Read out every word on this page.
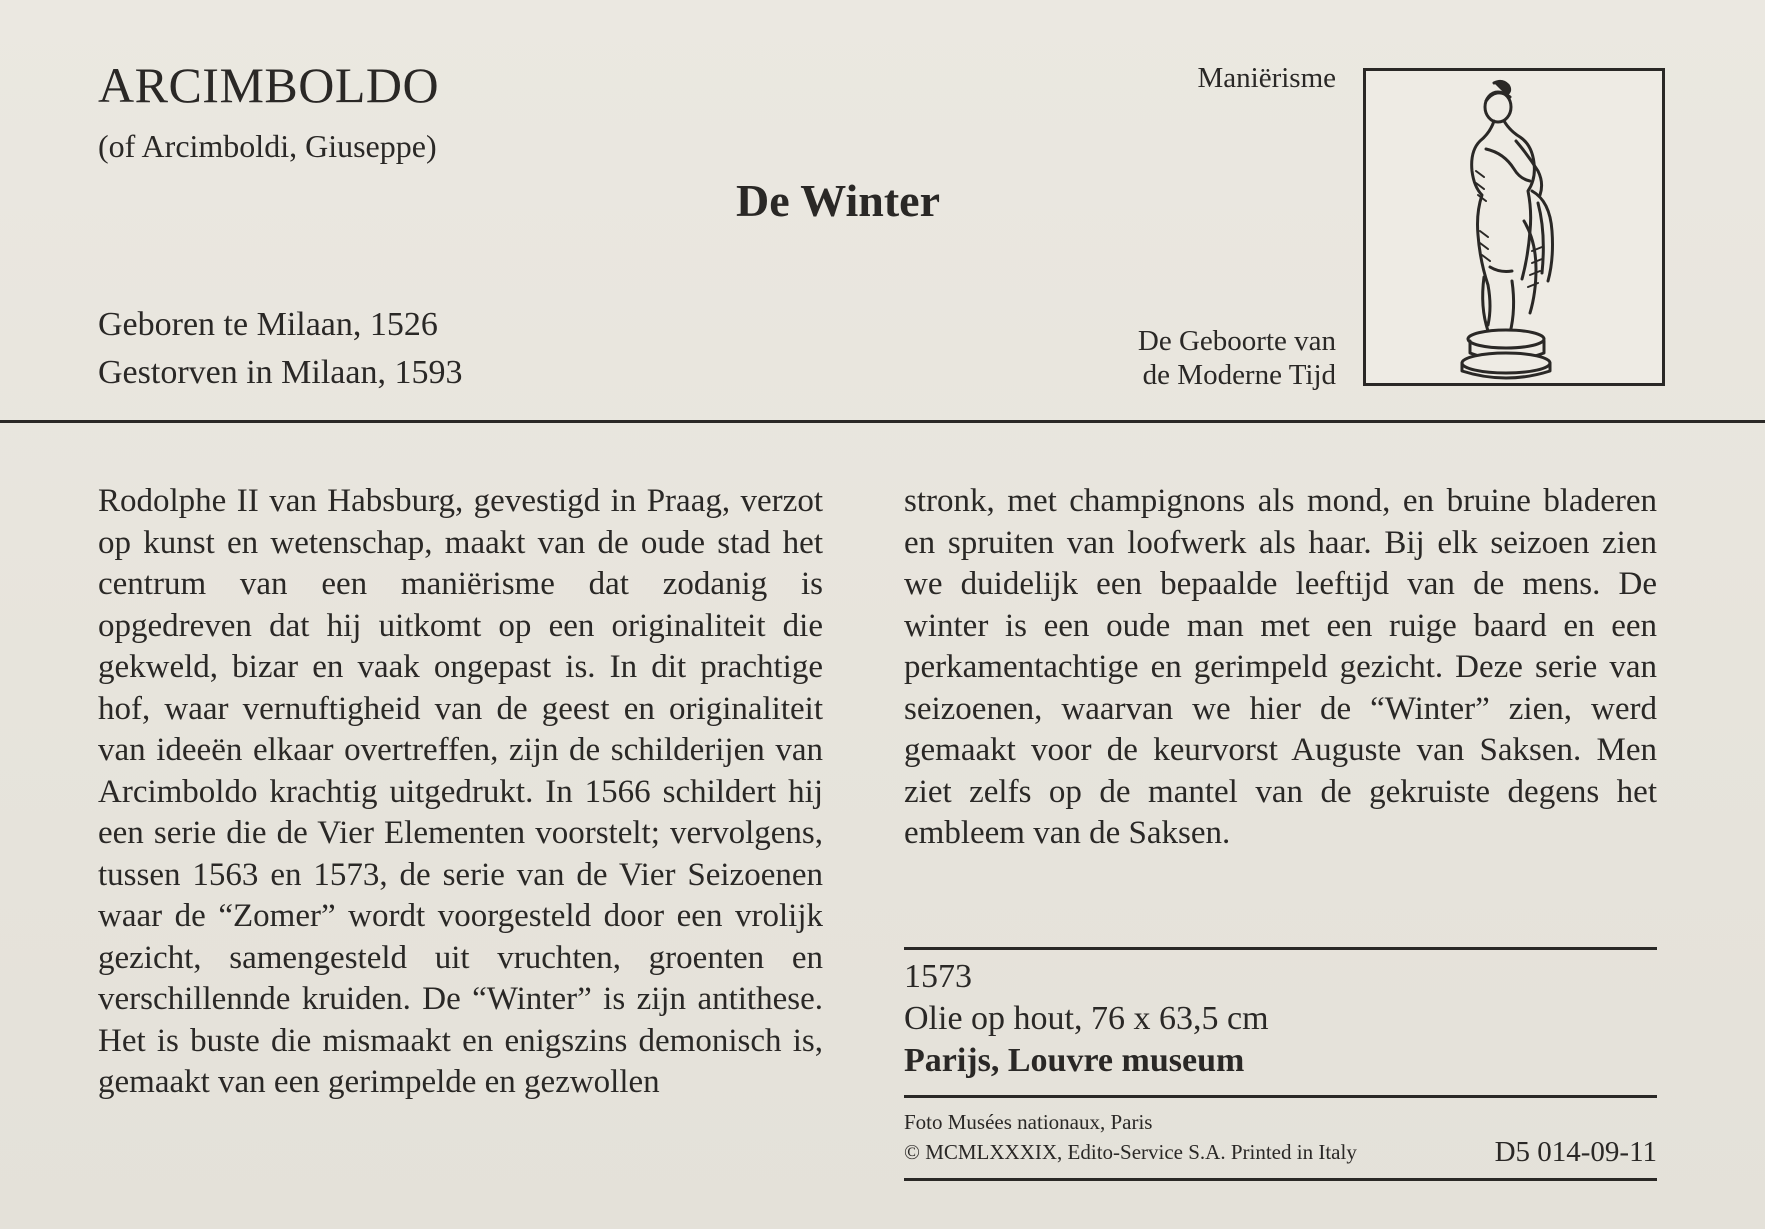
ARCIMBOLDO
(of Arcimboldi, Giuseppe)
De Winter
Maniërisme
Geboren te Milaan, 1526
Gestorven in Milaan, 1593
De Geboorte van
de Moderne Tijd
Rodolphe II van Habsburg, gevestigd in Praag, verzot op kunst en wetenschap, maakt van de oude stad het centrum van een maniërisme dat zodanig is opgedreven dat hij uitkomt op een originaliteit die gekweld, bizar en vaak ongepast is. In dit prachtige hof, waar vernuftigheid van de geest en originaliteit van ideeën elkaar overtreffen, zijn de schilderijen van Arcimboldo krachtig uitgedrukt. In 1566 schildert hij een serie die de Vier Elementen voorstelt; vervolgens, tussen 1563 en 1573, de serie van de Vier Seizoenen waar de “Zomer” wordt voorgesteld door een vrolijk gezicht, samengesteld uit vruchten, groenten en verschillennde kruiden. De “Winter” is zijn antithese. Het is buste die mismaakt en enigszins demonisch is, gemaakt van een gerimpelde en gezwollen
stronk, met champignons als mond, en bruine bladeren en spruiten van loofwerk als haar. Bij elk seizoen zien we duidelijk een bepaalde leeftijd van de mens. De winter is een oude man met een ruige baard en een perkamentachtige en gerimpeld gezicht. Deze serie van seizoenen, waarvan we hier de “Winter” zien, werd gemaakt voor de keurvorst Auguste van Saksen. Men ziet zelfs op de mantel van de gekruiste degens het embleem van de Saksen.
1573
Olie op hout, 76 x 63,5 cm
Parijs, Louvre museum
Foto Musées nationaux, Paris
© MCMLXXXIX, Edito-Service S.A. Printed in Italy	D5 014-09-11
